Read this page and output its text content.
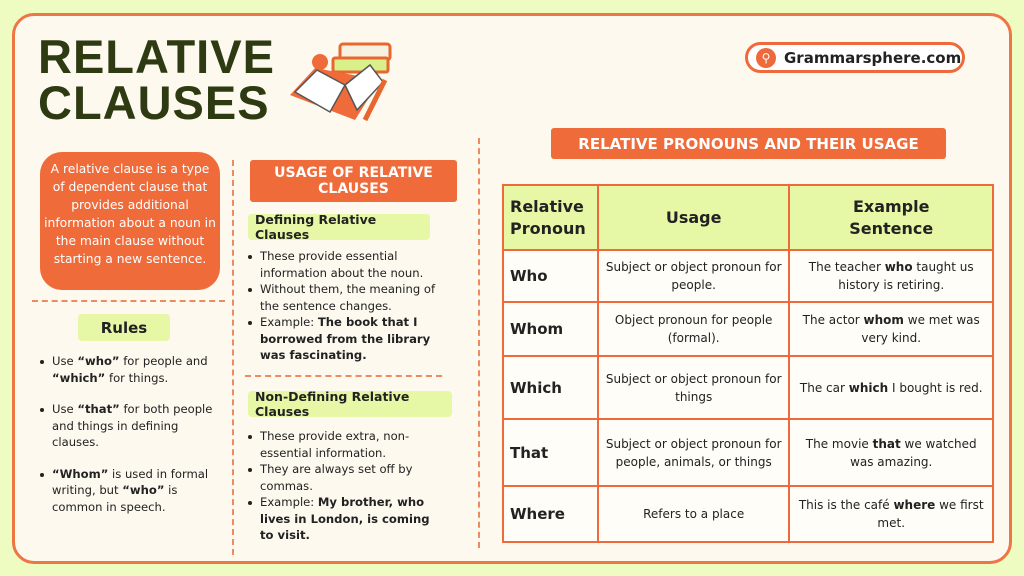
RELATIVE
CLAUSES
⚲ Grammarsphere.com
A relative clause is a type of dependent clause that provides additional information about a noun in the main clause without starting a new sentence.
Rules
Use “who” for people and “which” for things.
Use “that” for both people and things in defining clauses.
“Whom” is used in formal writing, but “who” is common in speech.
USAGE OF RELATIVE CLAUSES
Defining Relative Clauses
These provide essential information about the noun.
Without them, the meaning of the sentence changes.
Example: The book that I borrowed from the library was fascinating.
Non-Defining Relative Clauses
These provide extra, non-essential information.
They are always set off by commas.
Example: My brother, who lives in London, is coming to visit.
RELATIVE PRONOUNS AND THEIR USAGE
Relative Pronoun	Usage	Example Sentence
Who	Subject or object pronoun for people.	The teacher who taught us history is retiring.
Whom	Object pronoun for people (formal).	The actor whom we met was very kind.
Which	Subject or object pronoun for things	The car which I bought is red.
That	Subject or object pronoun for people, animals, or things	The movie that we watched was amazing.
Where	Refers to a place	This is the café where we first met.
